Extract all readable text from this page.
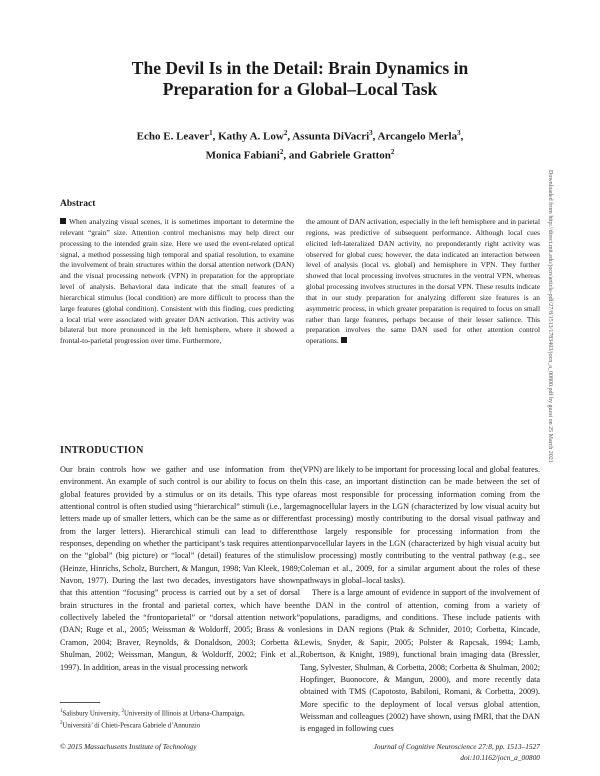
The Devil Is in the Detail: Brain Dynamics in
Preparation for a Global–Local Task
Echo E. Leaver$^1$, Kathy A. Low$^2$, Assunta DiVacri$^3$, Arcangelo Merla$^3$,
Monica Fabiani$^2$, and Gabriele Gratton$^2$
Abstract

When analyzing visual scenes, it is sometimes important to determine the relevant “grain” size. Attention control mechanisms may help direct our processing to the intended grain size. Here we used the event-related optical signal, a method possessing high temporal and spatial resolution, to examine the involvement of brain structures within the dorsal attention network (DAN) and the visual processing network (VPN) in preparation for the appropriate level of analysis. Behavioral data indicate that the small features of a hierarchical stimulus (local condition) are more difficult to process than the large features (global condition). Consistent with this finding, cues predicting a local trial were associated with greater DAN activation. This activity was bilateral but more pronounced in the left hemisphere, where it showed a frontal-to-parietal progression over time. Furthermore,

the amount of DAN activation, especially in the left hemisphere and in parietal regions, was predictive of subsequent performance. Although local cues elicited left-lateralized DAN activity, no preponderantly right activity was observed for global cues; however, the data indicated an interaction between level of analysis (local vs. global) and hemisphere in VPN. They further showed that local processing involves structures in the ventral VPN, whereas global processing involves structures in the dorsal VPN. These results indicate that in our study preparation for analyzing different size features is an asymmetric process, in which greater preparation is required to focus on small rather than large features, perhaps because of their lesser salience. This preparation involves the same DAN used for other attention control operations.

INTRODUCTION

Our brain controls how we gather and use information from the environment. An example of such control is our ability to focus on the global features provided by a stimulus or on its details. This type of attentional control is often studied using “hierarchical” stimuli (i.e., large letters made up of smaller letters, which can be the same as or different from the larger letters). Hierarchical stimuli can lead to different responses, depending on whether the participant’s task requires attention on the “global” (big picture) or “local” (detail) features of the stimuli (Heinze, Hinrichs, Scholz, Burchert, & Mangun, 1998; Van Kleek, 1989; Navon, 1977). During the last two decades, investigators have shown that this attention “focusing” process is carried out by a set of dorsal brain structures in the frontal and parietal cortex, which have been collectively labeled the “frontoparietal” or “dorsal attention network” (DAN; Ruge et al., 2005; Weissman & Woldorff, 2005; Brass & von Cramon, 2004; Braver, Reynolds, & Donaldson, 2003; Corbetta & Shulman, 2002; Weissman, Mangun, & Woldorff, 2002; Fink et al., 1997). In addition, areas in the visual processing network

(VPN) are likely to be important for processing local and global features. In this case, an important distinction can be made between the set of areas most responsible for processing information coming from the magnocellular layers in the LGN (characterized by low visual acuity but fast processing) mostly contributing to the dorsal visual pathway and those largely responsible for processing information from the parvocellular layers in the LGN (characterized by high visual acuity but slow processing) mostly contributing to the ventral pathway (e.g., see Coleman et al., 2009, for a similar argument about the roles of these pathways in global–local tasks).

There is a large amount of evidence in support of the involvement of the DAN in the control of attention, coming from a variety of populations, paradigms, and conditions. These include patients with lesions in DAN regions (Ptak & Schnider, 2010; Corbetta, Kincade, Lewis, Snyder, & Sapir, 2005; Polster & Rapcsak, 1994; Lamb, Robertson, & Knight, 1989), functional brain imaging data (Bressler, Tang, Sylvester, Shulman, & Corbetta, 2008; Corbetta & Shulman, 2002; Hopfinger, Buonocore, & Mangun, 2000), and more recently data obtained with TMS (Capotosto, Babiloni, Romani, & Corbetta, 2009). More specific to the deployment of local versus global attention, Weissman and colleagues (2002) have shown, using fMRI, that the DAN is engaged in following cues

Downloaded from http://direct.mit.edu/jocn/article-pdf/27/8/1513/1783403/jocn_a_00800.pdf by guest on 25 March 2021

$^1$Salisbury University, $^2$University of Illinois at Urbana-Champaign,

$^3$Università’ di Chieti-Pescara Gabriele d’Annunzio

© 2015 Massachusetts Institute of Technology	Journal of Cognitive Neuroscience 27:8, pp. 1513–1527
doi:10.1162/jocn_a_00800
